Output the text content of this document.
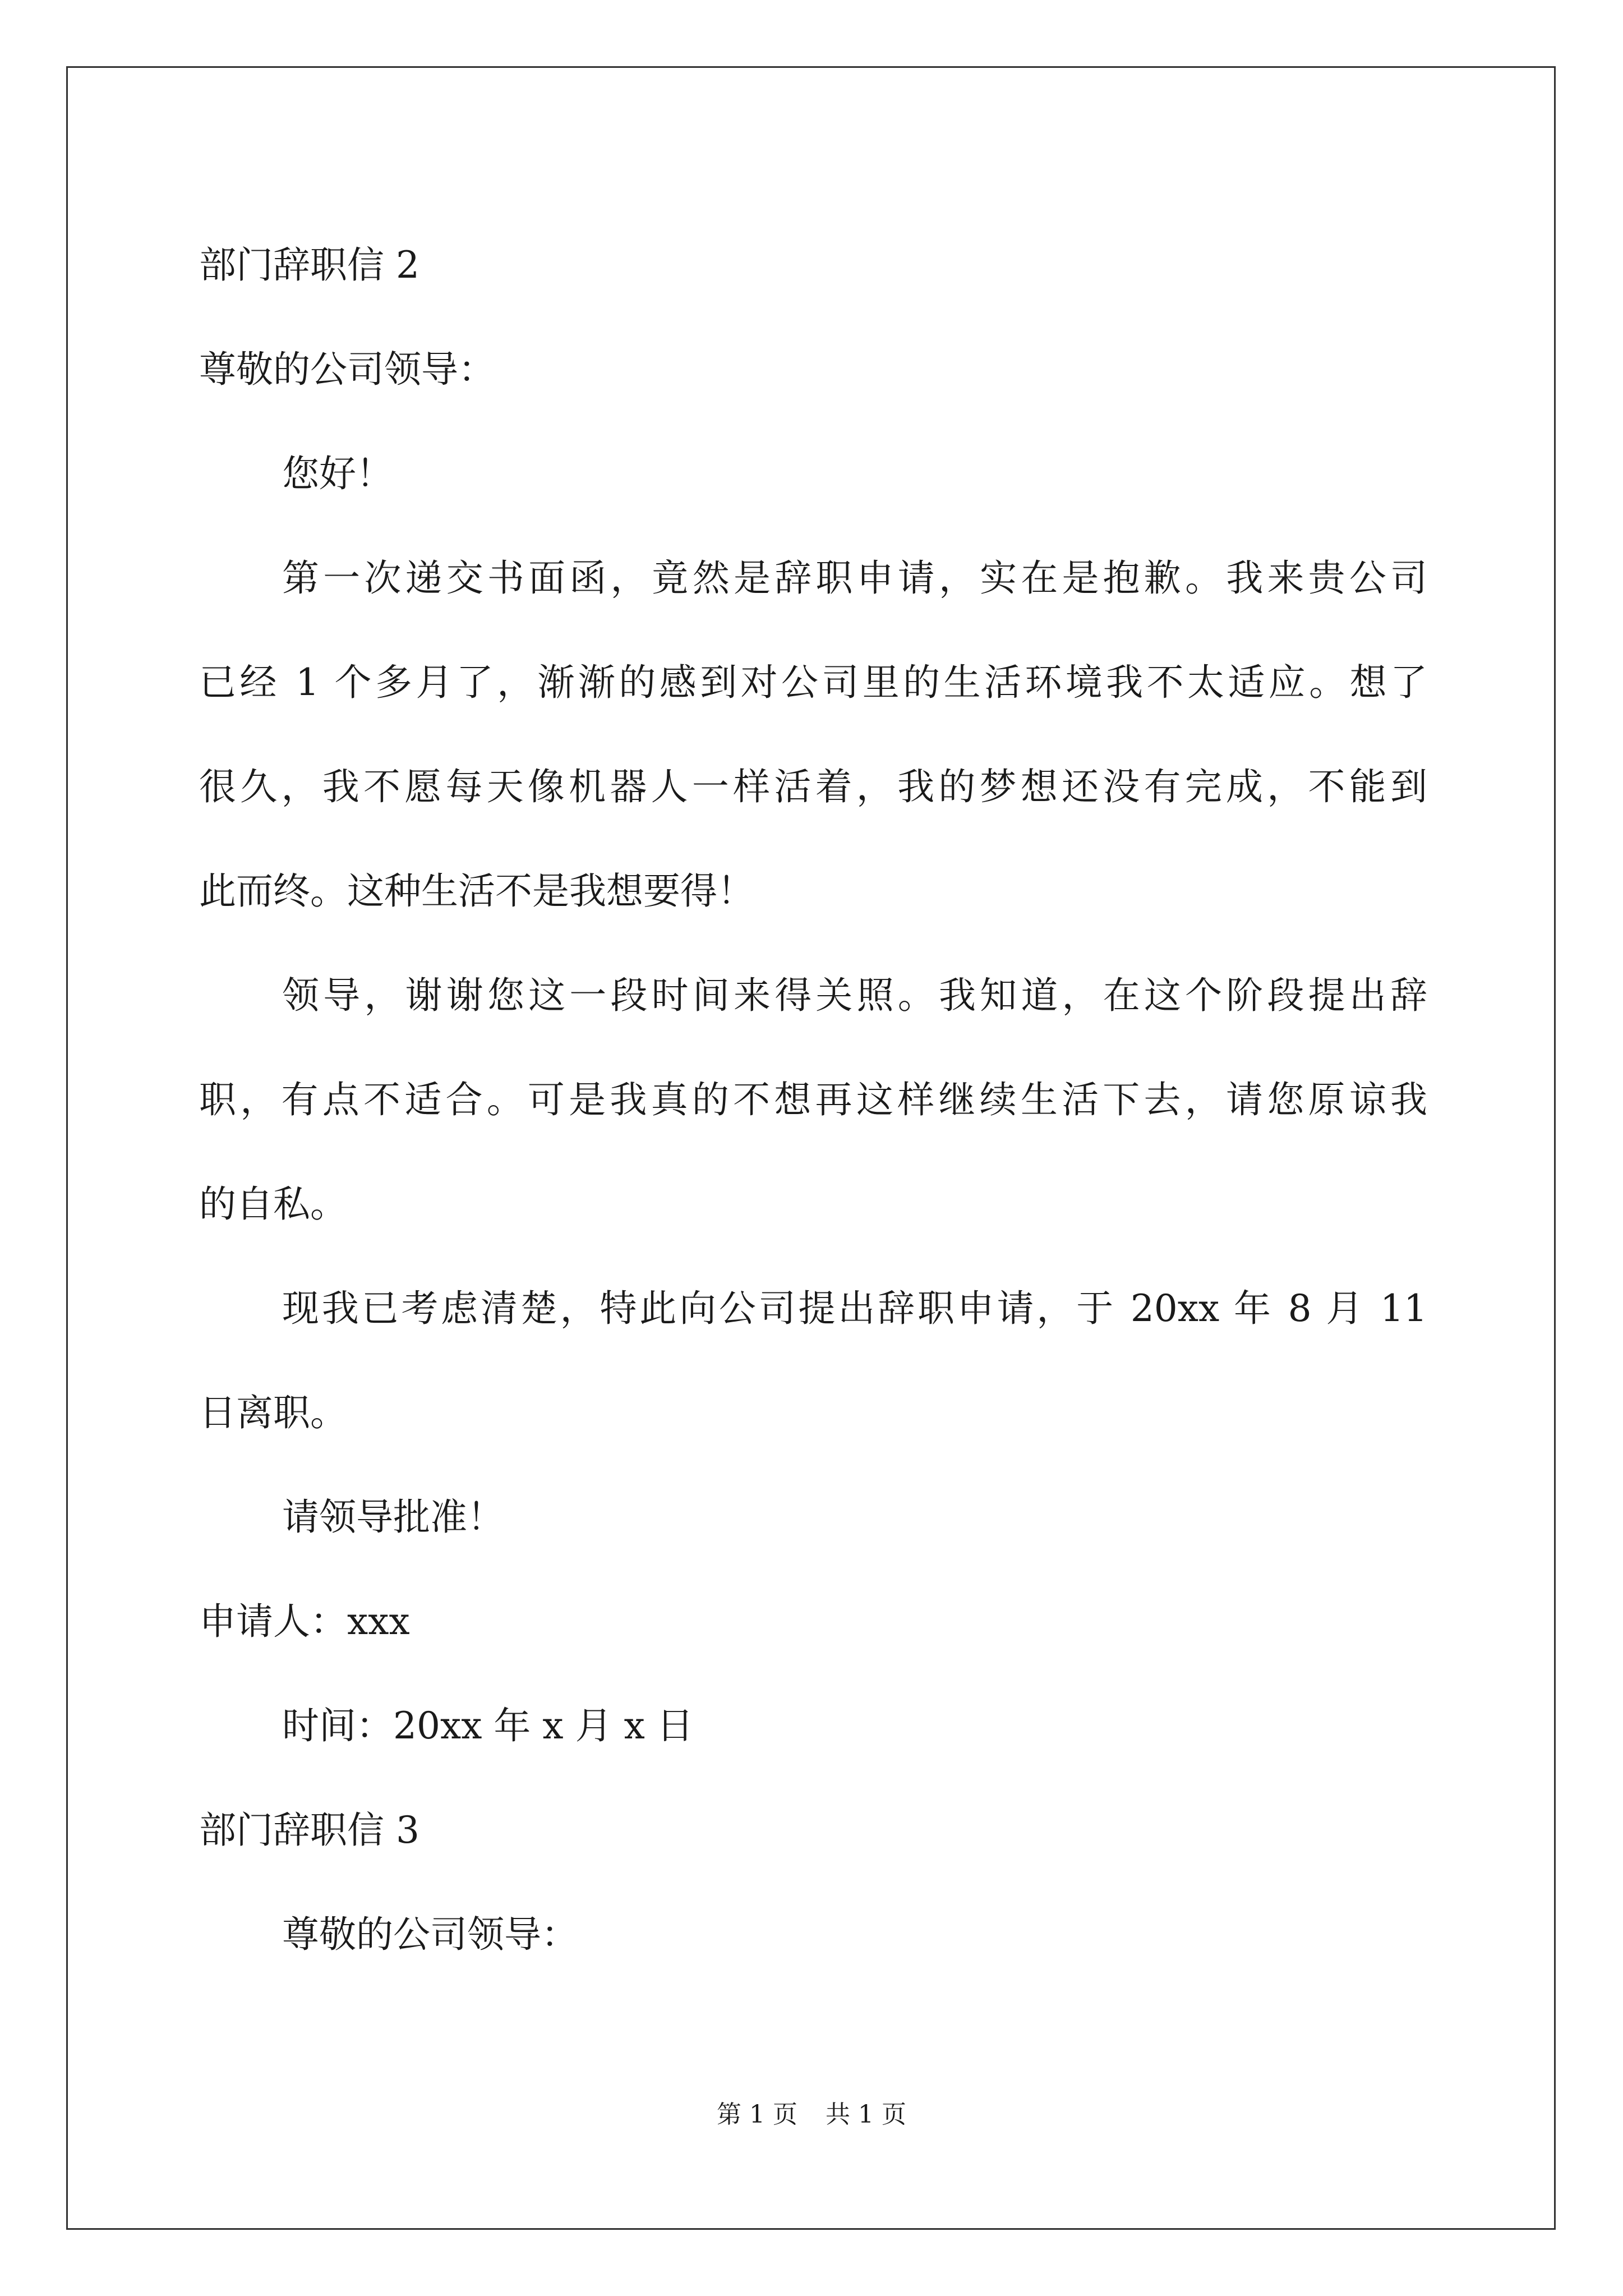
部门辞职信 2

尊敬的公司领导：

您好！

第一次递交书面函，竟然是辞职申请，实在是抱歉。我来贵公司

已经 1 个多月了，渐渐的感到对公司里的生活环境我不太适应。想了

很久，我不愿每天像机器人一样活着，我的梦想还没有完成，不能到

此而终。这种生活不是我想要得！

领导，谢谢您这一段时间来得关照。我知道，在这个阶段提出辞

职，有点不适合。可是我真的不想再这样继续生活下去，请您原谅我

的自私。

现我已考虑清楚，特此向公司提出辞职申请，于 20xx 年 8 月 11

日离职。

请领导批准！

申请人：xxx

时间：20xx 年 x 月 x 日

部门辞职信 3

尊敬的公司领导：

第 1 页 共 1 页
